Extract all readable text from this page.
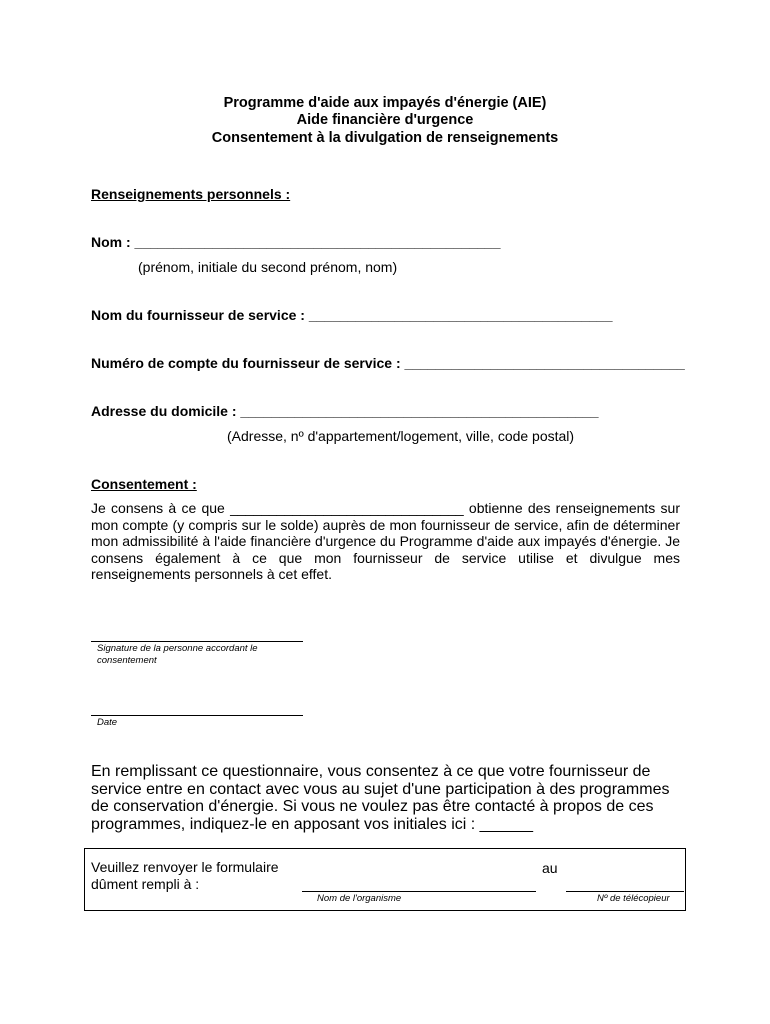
Programme d'aide aux impayés d'énergie (AIE)
Aide financière d'urgence
Consentement à la divulgation de renseignements
Renseignements personnels :
Nom : _______________________________________________
(prénom, initiale du second prénom, nom)
Nom du fournisseur de service : _______________________________________
Numéro de compte du fournisseur de service : ____________________________________
Adresse du domicile : ______________________________________________
(Adresse, nº d'appartement/logement, ville, code postal)
Consentement :
Je consens à ce que ______________________________ obtienne des renseignements sur
mon compte (y compris sur le solde) auprès de mon fournisseur de service, afin de déterminer mon admissibilité à l'aide financière d'urgence du Programme d'aide aux impayés d'énergie. Je consens également à ce que mon fournisseur de service utilise et divulgue mes renseignements personnels à cet effet.
Signature de la personne accordant le consentement
Date
En remplissant ce questionnaire, vous consentez à ce que votre fournisseur de service entre en contact avec vous au sujet d'une participation à des programmes de conservation d'énergie. Si vous ne voulez pas être contacté à propos de ces programmes, indiquez-le en apposant vos initiales ici : ______
Veuillez renvoyer le formulaire dûment rempli à :
au
Nom de l'organisme	Nº de télécopieur
